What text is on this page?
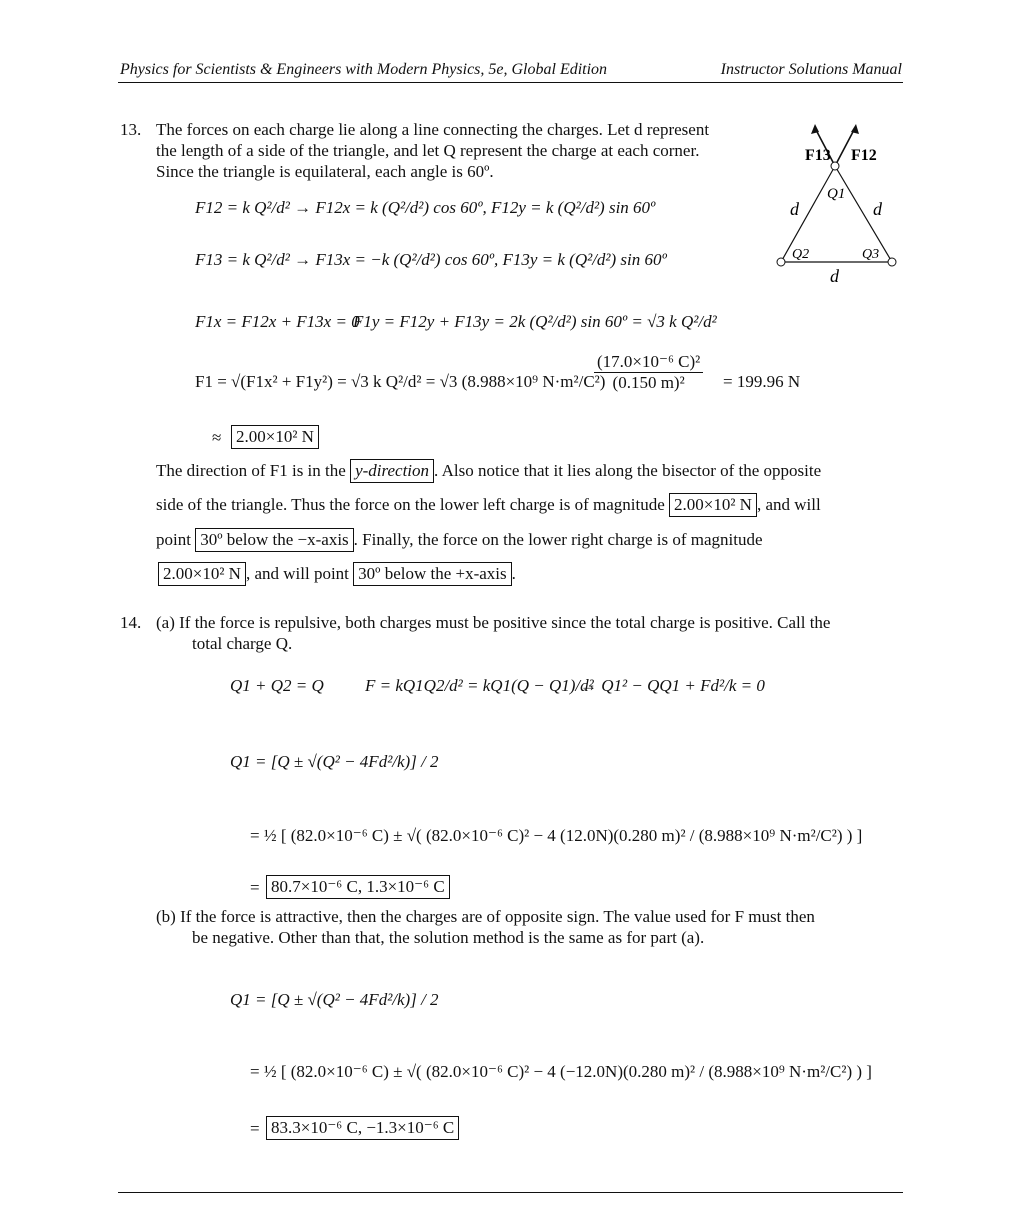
Physics for Scientists & Engineers with Modern Physics, 5e, Global Edition	Instructor Solutions Manual
13. The forces on each charge lie along a line connecting the charges. Let d represent
the length of a side of the triangle, and let Q represent the charge at each corner.
Since the triangle is equilateral, each angle is 60º.
F12 = k Q²/d² → F12x = k (Q²/d²) cos 60º, F12y = k (Q²/d²) sin 60º
F13 = k Q²/d² → F13x = −k (Q²/d²) cos 60º, F13y = k (Q²/d²) sin 60º
F1x = F12x + F13x = 0
F1y = F12y + F13y = 2k (Q²/d²) sin 60º = √3 k Q²/d²
F1 = √(F1x² + F1y²) = √3 k Q²/d² = √3 (8.988×10⁹ N·m²/C²)
$\frac{\text{(17.0×10⁻⁶ C)²}}{\text{(0.150 m)²}} = 199.96$ N
≈ 2.00×10² N
The direction of F1 is in the y-direction . Also notice that it lies along the bisector of the opposite
side of the triangle. Thus the force on the lower left charge is of magnitude 2.00×10² N , and will
point 30º below the −x-axis . Finally, the force on the lower right charge is of magnitude
2.00×10² N , and will point 30º below the +x-axis .
F13 F12
Q1
Q2	Q3
d	d
d
14. (a) If the force is repulsive, both charges must be positive since the total charge is positive. Call the
total charge Q.
Q1 + Q2 = Q F = kQ1Q2/d² = kQ1(Q − Q1)/d²
→ Q1² − QQ1 + Fd²/k = 0
Q1 = [Q ± √(Q² − 4Fd²/k)] / 2
= ½ [ (82.0×10⁻⁶ C) ± √( (82.0×10⁻⁶ C)² − 4 (12.0N)(0.280 m)² / (8.988×10⁹ N·m²/C²) ) ]
= 80.7×10⁻⁶ C, 1.3×10⁻⁶ C
(b) If the force is attractive, then the charges are of opposite sign. The value used for F must then
be negative. Other than that, the solution method is the same as for part (a).
Q1 = [Q ± √(Q² − 4Fd²/k)] / 2
= ½ [ (82.0×10⁻⁶ C) ± √( (82.0×10⁻⁶ C)² − 4 (−12.0N)(0.280 m)² / (8.988×10⁹ N·m²/C²) ) ]
= 83.3×10⁻⁶ C, −1.3×10⁻⁶ C
